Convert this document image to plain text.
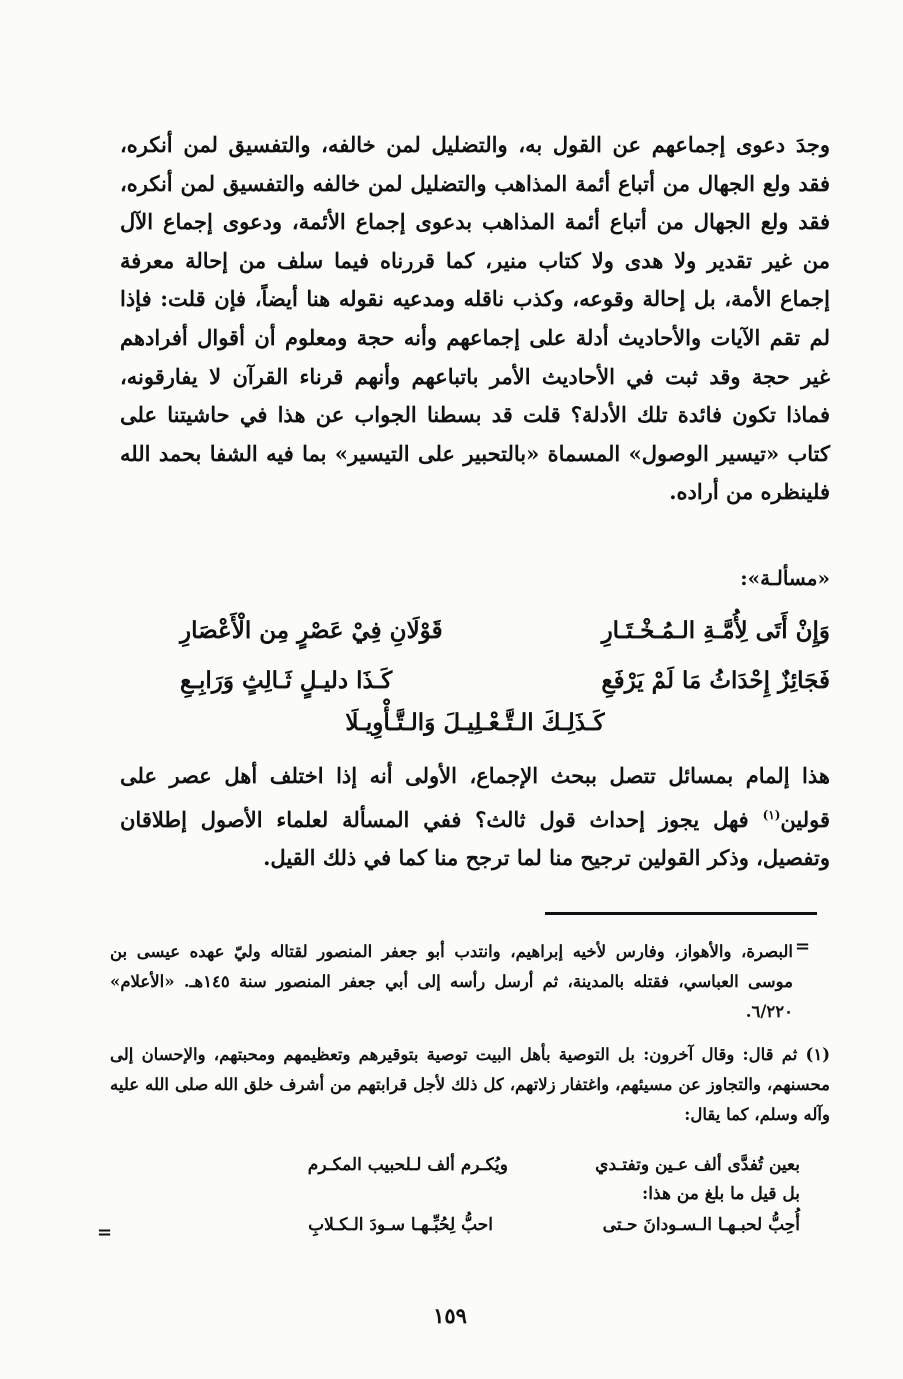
وجدَ دعوى إجماعهم عن القول به، والتضليل لمن خالفه، والتفسيق لمن أنكره، فقد ولع الجهال من أتباع أئمة المذاهب والتضليل لمن خالفه والتفسيق لمن أنكره، فقد ولع الجهال من أتباع أئمة المذاهب بدعوى إجماع الأئمة، ودعوى إجماع الآل من غير تقدير ولا هدى ولا كتاب منير، كما قررناه فيما سلف من إحالة معرفة إجماع الأمة، بل إحالة وقوعه، وكذب ناقله ومدعيه نقوله هنا أيضاً، فإن قلت: فإذا لم تقم الآيات والأحاديث أدلة على إجماعهم وأنه حجة ومعلوم أن أقوال أفرادهم غير حجة وقد ثبت في الأحاديث الأمر باتباعهم وأنهم قرناء القرآن لا يفارقونه، فماذا تكون فائدة تلك الأدلة؟ قلت قد بسطنا الجواب عن هذا في حاشيتنا على كتاب «تيسير الوصول» المسماة «بالتحبير على التيسير» بما فيه الشفا بحمد الله فلينظره من أراده.

«مسألـة»:
وَإِنْ أَتَى لِأُمَّـةِ الـمُـخْـتَـارِ
قَوْلَانِ فِيْ عَصْرٍ مِن الْأَعْصَارِ
فَجَائِزٌ إِحْدَاثُ مَا لَمْ يَرْفَعِ
كَـذَا دليـلٍ ثَـالِثٍ وَرَابِـعِ
كَـذَلِـكَ الـتَّـعْـلِيـلَ وَالـتَّـأْوِيـلَا

هذا إلمام بمسائل تتصل ببحث الإجماع، الأولى أنه إذا اختلف أهل عصر على قولين$^{(١)}$ فهل يجوز إحداث قول ثالث؟ ففي المسألة لعلماء الأصول إطلاقان وتفصيل، وذكر القولين ترجيح منا لما ترجح منا كما في ذلك القيل.

=

البصرة، والأهواز، وفارس لأخيه إبراهيم، وانتدب أبو جعفر المنصور لقتاله وليّ عهده عيسى بن موسى العباسي، فقتله بالمدينة، ثم أرسل رأسه إلى أبي جعفر المنصور سنة ١٤٥هـ. «الأعلام» ٦/٢٢٠.

(١) ثم قال: وقال آخرون: بل التوصية بأهل البيت توصية بتوقيرهم وتعظيمهم ومحبتهم، والإحسان إلى محسنهم، والتجاوز عن مسيئهم، واغتفار زلاتهم، كل ذلك لأجل قرابتهم من أشرف خلق الله صلى الله عليه وآله وسلم، كما يقال:

بعين تُفدَّى ألف عـين وتفتـدي
ويُكـرم ألف لـلحبيب المكـرم
بل قيل ما بلغ من هذا:
أُحِبُّ لحبـهـا الـسـودانَ حـتى
احبُّ لِحُبِّـهـا سـودَ الـكـلابِ
=
١٥٩
